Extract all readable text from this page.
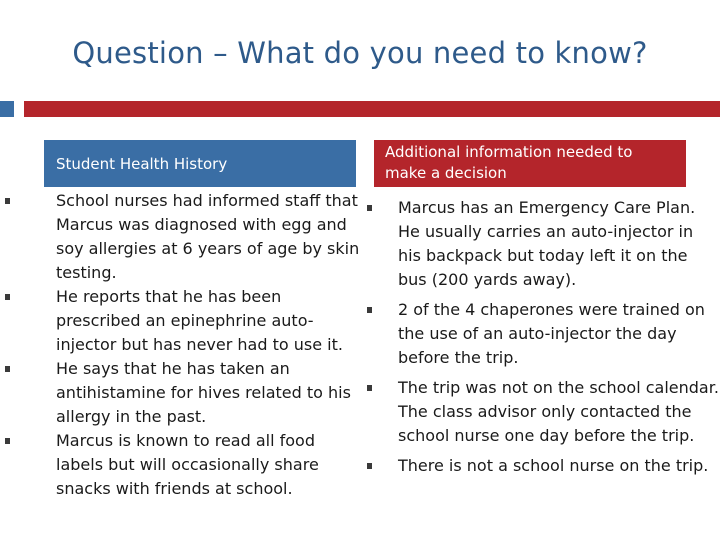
Question – What do you need to know?
Student Health History
Additional information needed to make a decision
School nurses had informed staff that Marcus was diagnosed with egg and soy allergies at 6 years of age by skin testing.
He reports that he has been prescribed an epinephrine auto-injector but has never had to use it.
He says that he has taken an antihistamine for hives related to his allergy in the past.
Marcus is known to read all food labels but will occasionally share snacks with friends at school.
Marcus has an Emergency Care Plan. He usually carries an auto-injector in his backpack but today left it on the bus (200 yards away).
2 of the 4 chaperones were trained on the use of an auto-injector the day before the trip.
The trip was not on the school calendar. The class advisor only contacted the school nurse one day before the trip.
There is not a school nurse on the trip.
